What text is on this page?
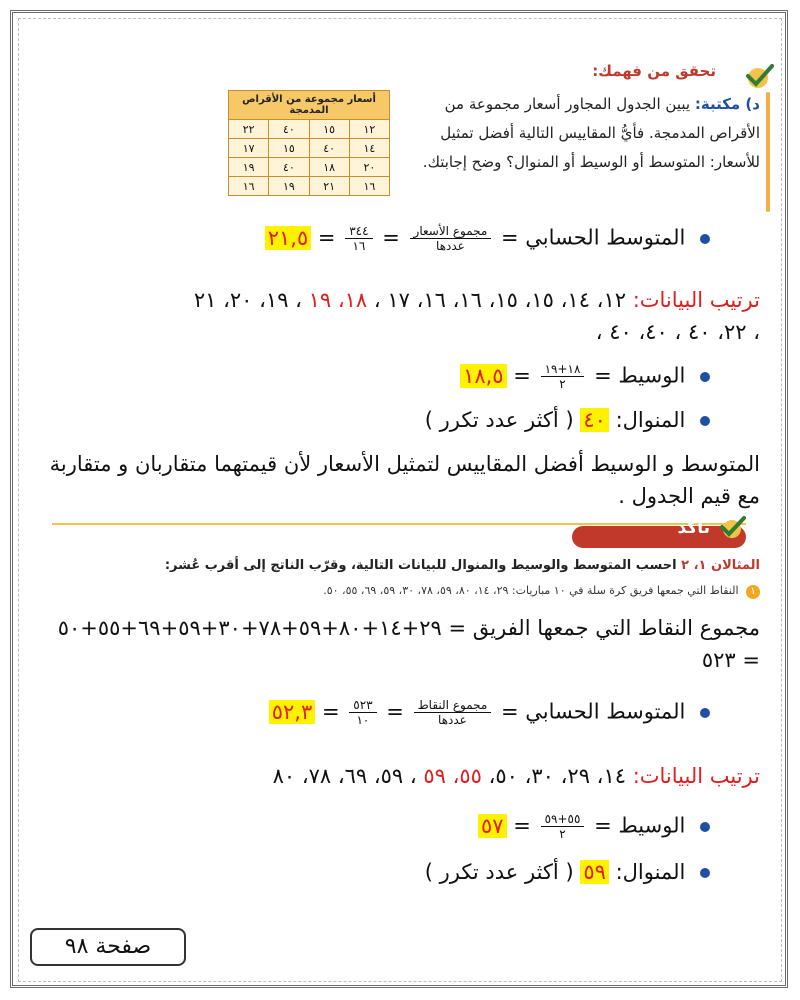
تحقق من فهمك:
د) مكتبة: يبين الجدول المجاور أسعار مجموعة من الأقراص المدمجة. فأيُّ المقاييس التالية أفضل تمثيل للأسعار: المتوسط أو الوسيط أو المنوال؟ وضح إجابتك.
أسعار مجموعة من الأقراص المدمجة			
١٢	١٥	٤٠	٢٢
١٤	٤٠	١٥	١٧
٢٠	١٨	٤٠	١٩
١٦	٢١	١٩	١٦
المتوسط الحسابي =
$\frac{\text{مجموع الأسعار}}{\text{عددها}}$
=
$\frac{٣٤٤}{١٦}$
= ٢١,٥
ترتيب البيانات: ١٢، ١٤، ١٥، ١٥، ١٦، ١٦، ١٧ ، ١٨، ١٩ ، ١٩، ٢٠، ٢١
، ٢٢، ٤٠ ، ٤٠، ٤٠ ،
الوسيط =
$\frac{١٨+١٩}{٢}$
= ١٨,٥
المنوال: ٤٠ ( أكثر عدد تكرر )
المتوسط و الوسيط أفضل المقاييس لتمثيل الأسعار لأن قيمتهما متقاربان و متقاربة مع قيم الجدول .
تأكد
المثالان ١، ٢ احسب المتوسط والوسيط والمنوال للبيانات التالية، وقرّب الناتج إلى أقرب عُشر:
١ النقاط التي جمعها فريق كرة سلة في ١٠ مباريات: ٢٩، ١٤، ٨٠، ٥٩، ٧٨، ٣٠، ٥٩، ٦٩، ٥٥، ٥٠.
مجموع النقاط التي جمعها الفريق = ٢٩+١٤+٨٠+٥٩+٧٨+٣٠+٥٩+٦٩+٥٥+٥٠
= ٥٢٣
المتوسط الحسابي =
$\frac{\text{مجموع النقاط}}{\text{عددها}}$
=
$\frac{٥٢٣}{١٠}$
= ٥٢,٣
ترتيب البيانات: ١٤، ٢٩، ٣٠، ٥٠، ٥٥، ٥٩ ، ٥٩، ٦٩، ٧٨، ٨٠
الوسيط =
$\frac{٥٥+٥٩}{٢}$
= ٥٧
المنوال: ٥٩ ( أكثر عدد تكرر )
صفحة ٩٨
